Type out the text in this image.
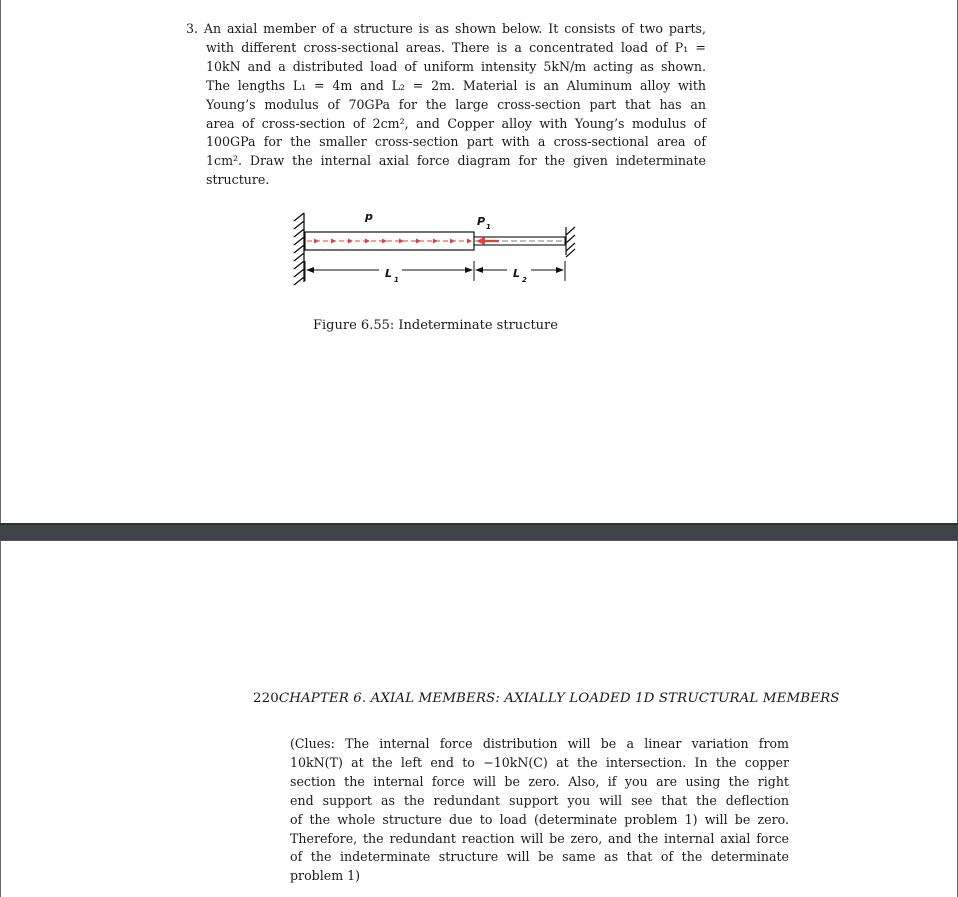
3. An axial member of a structure is as shown below. It consists of two parts,
with different cross-sectional areas. There is a concentrated load of P₁ =
10kN and a distributed load of uniform intensity 5kN/m acting as shown.
The lengths L₁ = 4m and L₂ = 2m. Material is an Aluminum alloy with
Young’s modulus of 70GPa for the large cross-section part that has an
area of cross-section of 2cm², and Copper alloy with Young’s modulus of
100GPa for the smaller cross-section part with a cross-sectional area of
1cm². Draw the internal axial force diagram for the given indeterminate
structure.
p	P 1
L 1	L 2
Figure 6.55: Indeterminate structure
220CHAPTER 6. AXIAL MEMBERS: AXIALLY LOADED 1D STRUCTURAL MEMBERS
(Clues: The internal force distribution will be a linear variation from
10kN(T) at the left end to −10kN(C) at the intersection. In the copper
section the internal force will be zero. Also, if you are using the right
end support as the redundant support you will see that the deflection
of the whole structure due to load (determinate problem 1) will be zero.
Therefore, the redundant reaction will be zero, and the internal axial force
of the indeterminate structure will be same as that of the determinate
problem 1)
